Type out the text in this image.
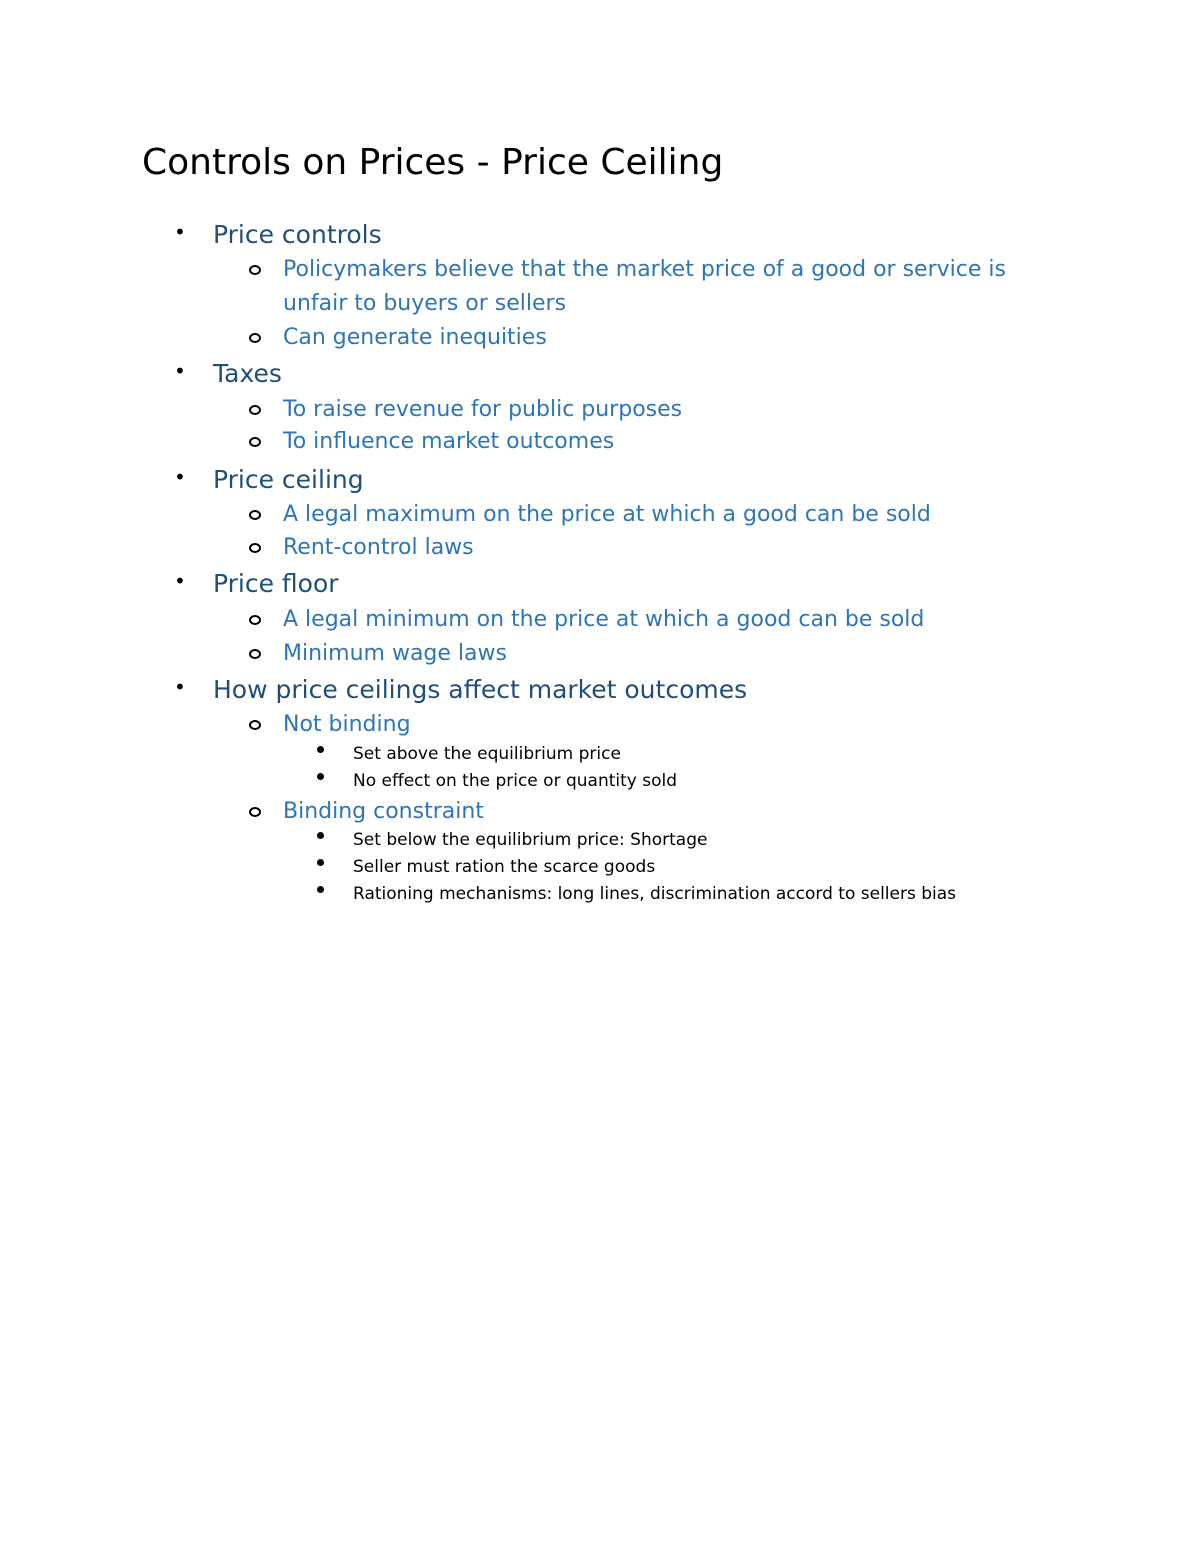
Controls on Prices - Price Ceiling
• Price controls
Policymakers believe that the market price of a good or service is
unfair to buyers or sellers
Can generate inequities
• Taxes
To raise revenue for public purposes
To influence market outcomes
• Price ceiling
A legal maximum on the price at which a good can be sold
Rent-control laws
• Price floor
A legal minimum on the price at which a good can be sold
Minimum wage laws
• How price ceilings affect market outcomes
Not binding
Set above the equilibrium price
No effect on the price or quantity sold
Binding constraint
Set below the equilibrium price: Shortage
Seller must ration the scarce goods
Rationing mechanisms: long lines, discrimination accord to sellers bias
